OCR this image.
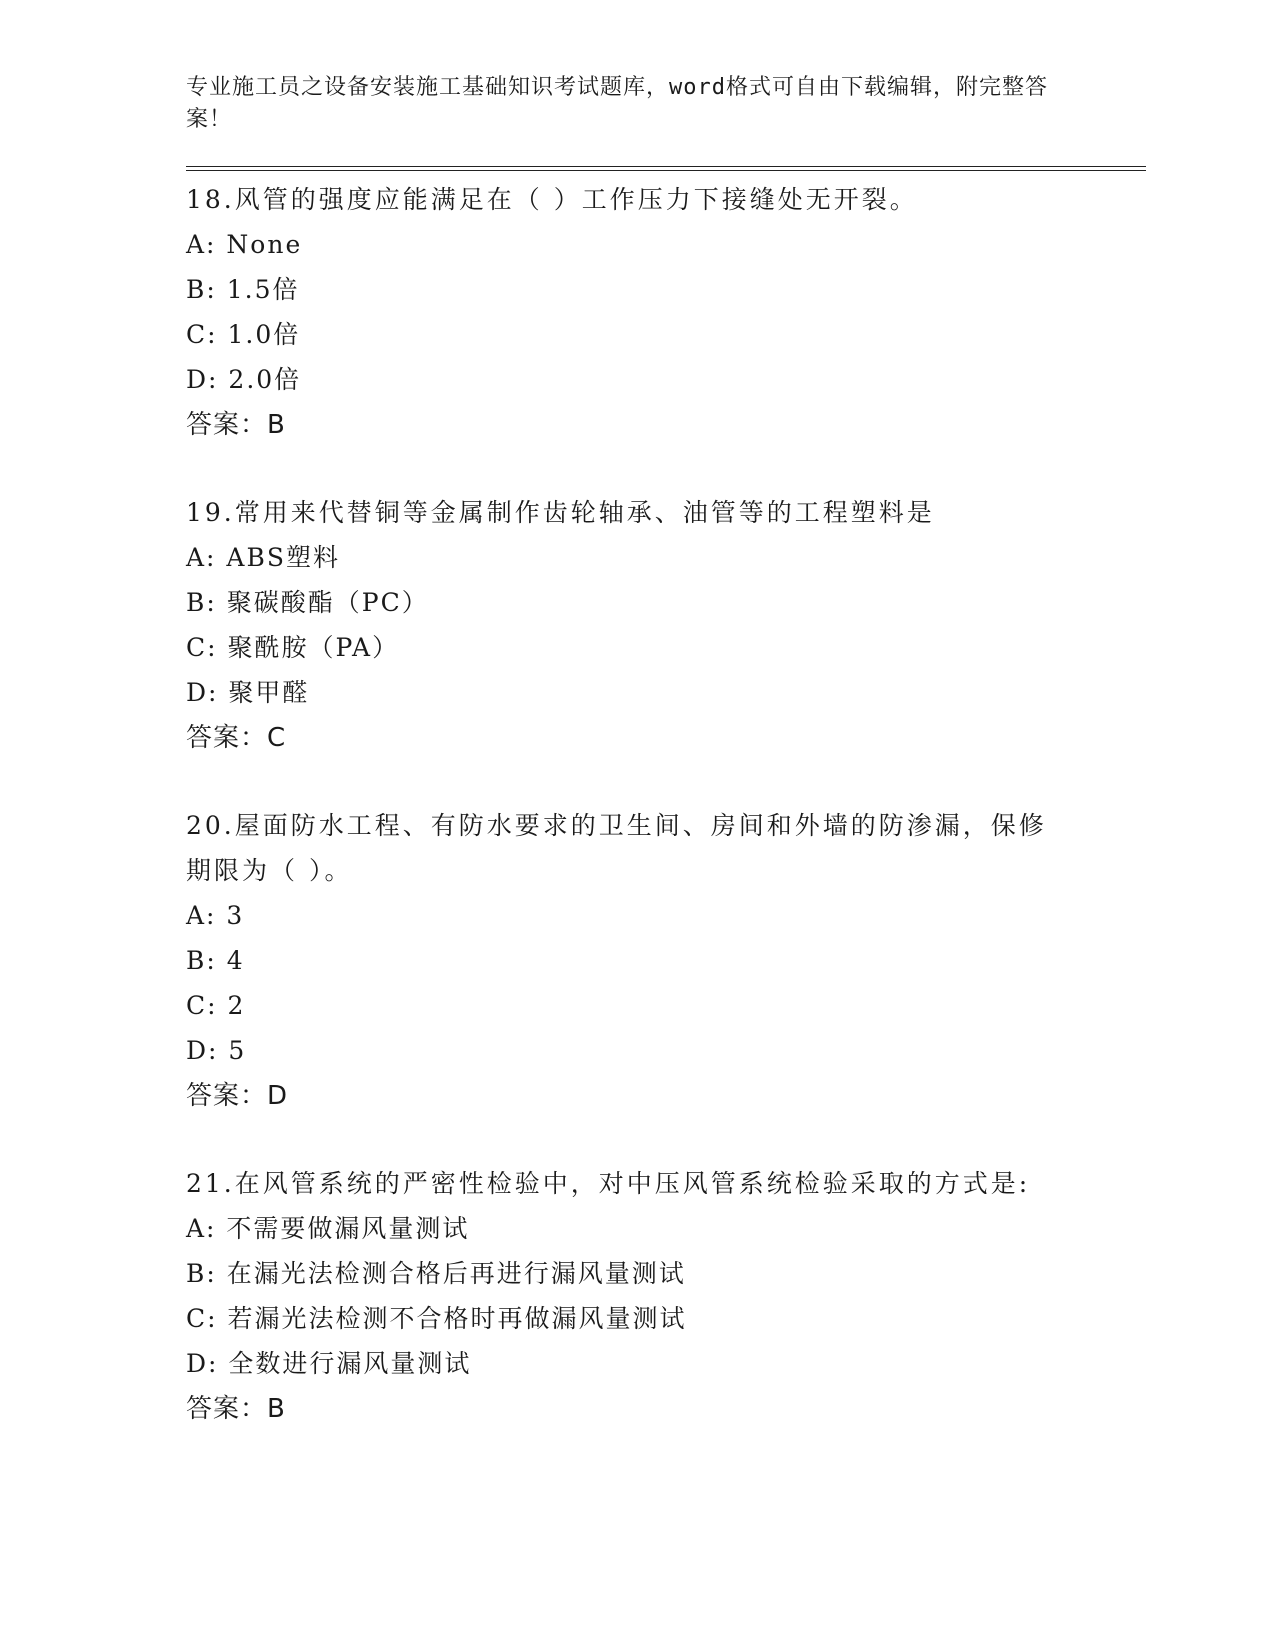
专业施工员之设备安装施工基础知识考试题库，word格式可自由下载编辑，附完整答案！

18.风管的强度应能满足在（ ）工作压力下接缝处无开裂。

A: None

B: 1.5倍

C: 1.0倍

D: 2.0倍

答案：B

19.常用来代替铜等金属制作齿轮轴承、油管等的工程塑料是

A: ABS塑料

B: 聚碳酸酯（PC）

C: 聚酰胺（PA）

D: 聚甲醛

答案：C

20.屋面防水工程、有防水要求的卫生间、房间和外墙的防渗漏，保修期限为（ ）。

A: 3

B: 4

C: 2

D: 5

答案：D

21.在风管系统的严密性检验中，对中压风管系统检验采取的方式是:

A: 不需要做漏风量测试

B: 在漏光法检测合格后再进行漏风量测试

C: 若漏光法检测不合格时再做漏风量测试

D: 全数进行漏风量测试

答案：B
